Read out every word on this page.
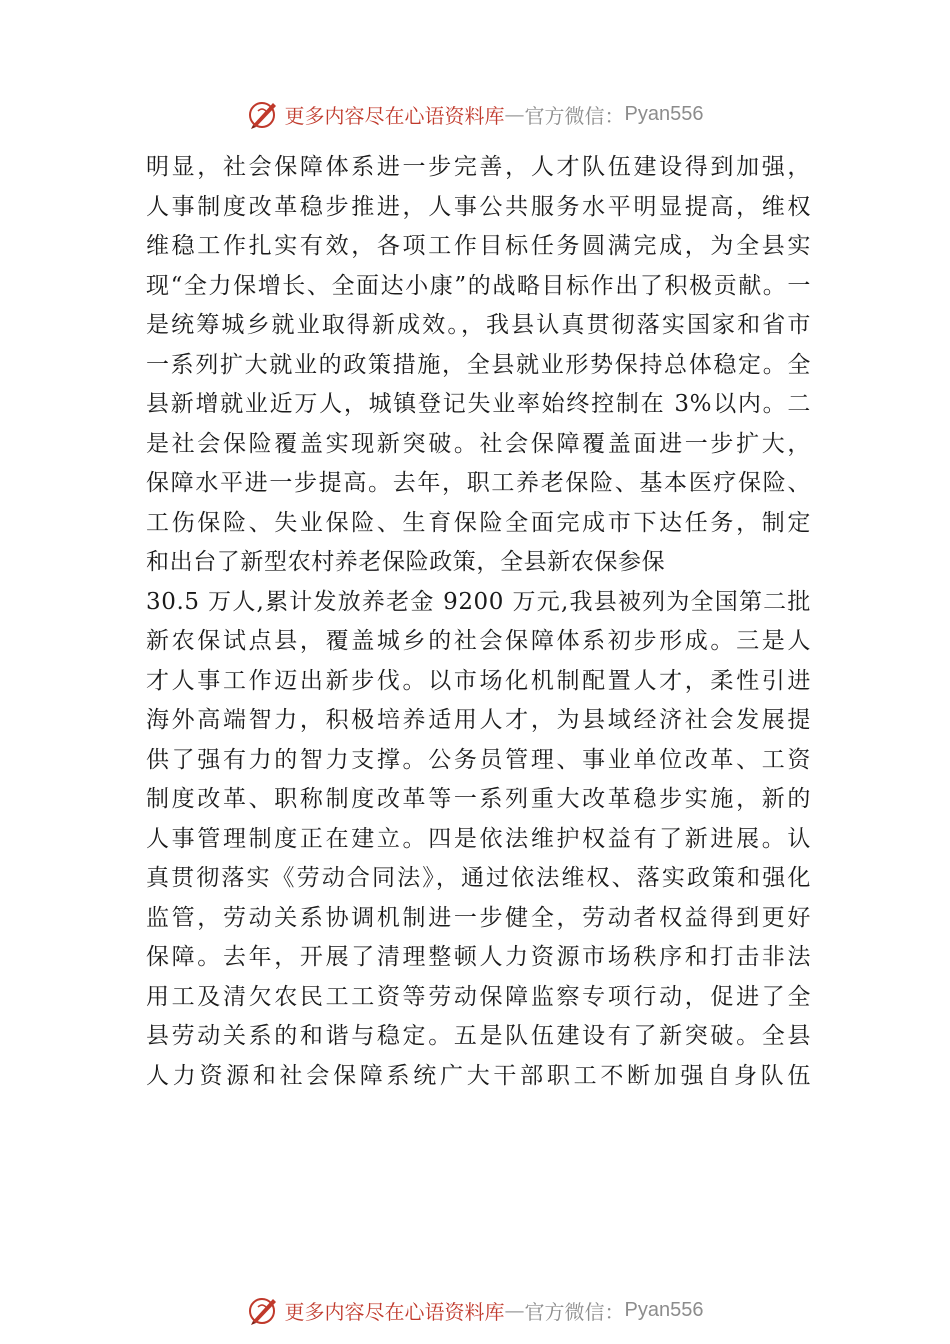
更多内容尽在心语资料库 — 官方微信： Pyan556
明显，社会保障体系进一步完善，人才队伍建设得到加强，
人事制度改革稳步推进，人事公共服务水平明显提高，维权
维稳工作扎实有效，各项工作目标任务圆满完成，为全县实
现“全力保增长、全面达小康”的战略目标作出了积极贡献。一
是统筹城乡就业取得新成效。，我县认真贯彻落实国家和省市
一系列扩大就业的政策措施，全县就业形势保持总体稳定。全
县新增就业近万人，城镇登记失业率始终控制在 3%以内。二
是社会保险覆盖实现新突破。社会保障覆盖面进一步扩大，
保障水平进一步提高。去年，职工养老保险、基本医疗保险、
工伤保险、失业保险、生育保险全面完成市下达任务，制定
和出台了新型农村养老保险政策，全县新农保参保
30.5 万人,累计发放养老金 9200 万元,我县被列为全国第二批
新农保试点县，覆盖城乡的社会保障体系初步形成。三是人
才人事工作迈出新步伐。以市场化机制配置人才，柔性引进
海外高端智力，积极培养适用人才，为县域经济社会发展提
供了强有力的智力支撑。公务员管理、事业单位改革、工资
制度改革、职称制度改革等一系列重大改革稳步实施，新的
人事管理制度正在建立。四是依法维护权益有了新进展。认
真贯彻落实《劳动合同法》，通过依法维权、落实政策和强化
监管，劳动关系协调机制进一步健全，劳动者权益得到更好
保障。去年，开展了清理整顿人力资源市场秩序和打击非法
用工及清欠农民工工资等劳动保障监察专项行动，促进了全
县劳动关系的和谐与稳定。五是队伍建设有了新突破。全县
人力资源和社会保障系统广大干部职工不断加强自身队伍
更多内容尽在心语资料库 — 官方微信： Pyan556
